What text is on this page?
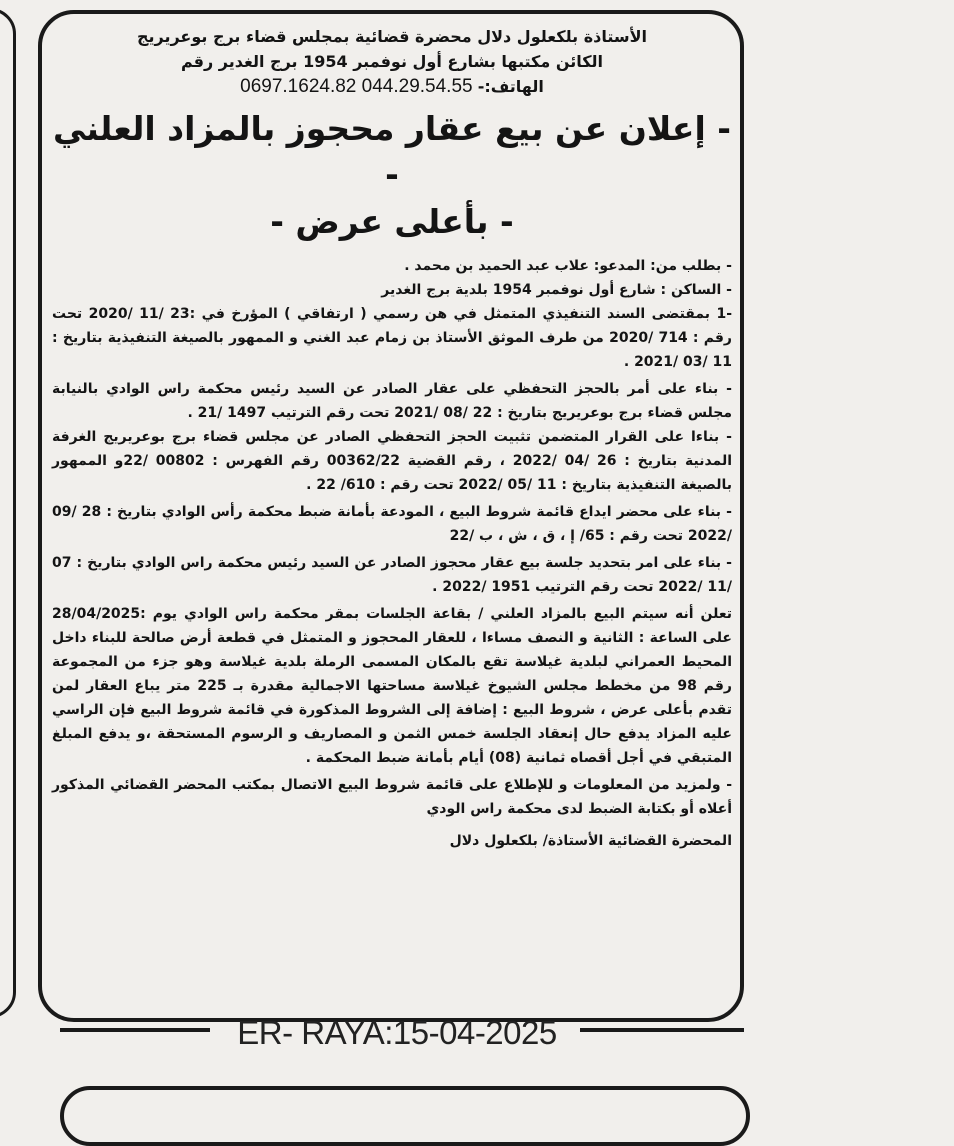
الأستاذة بلكعلول دلال محضرة قضائية بمجلس قضاء برج بوعريريج

الكائن مكتبها بشارع أول نوفمبر 1954 برج الغدير رقم

الهاتف:- 0697.1624.82 044.29.54.55

- إعلان عن بيع عقار محجوز بالمزاد العلني -
- بأعلى عرض -

- بطلب من: المدعو: علاب عبد الحميد بن محمد .

- الساكن : شارع أول نوفمبر 1954 بلدية برج الغدير

-1 بمقتضى السند التنفيذي المتمثل في هن رسمي ( ارتفاقي ) المؤرخ في :23 /11 /2020 تحت رقم : 714 /2020 من طرف الموثق الأستاذ بن زمام عبد الغني و الممهور بالصيغة التنفيذية بتاريخ : 11 /03 /2021 .

- بناء على أمر بالحجز التحفظي على عقار الصادر عن السيد رئيس محكمة راس الوادي بالنيابة مجلس قضاء برج بوعريريج بتاريخ : 22 /08 /2021 تحت رقم الترتيب 1497 /21 .

- بناءا على القرار المتضمن تثبيت الحجز التحفظي الصادر عن مجلس قضاء برج بوعريريج الغرفة المدنية بتاريخ : 26 /04 /2022 ، رقم القضية 00362/22 رقم الفهرس : 00802 /22و الممهور بالصيغة التنفيذية بتاريخ : 11 /05 /2022 تحت رقم : 610/ 22 .

- بناء على محضر ايداع قائمة شروط البيع ، المودعة بأمانة ضبط محكمة رأس الوادي بتاريخ : 28 /09 /2022 تحت رقم : 65/ إ ، ق ، ش ، ب /22

- بناء على امر بتحديد جلسة بيع عقار محجوز الصادر عن السيد رئيس محكمة راس الوادي بتاريخ : 07 /11 /2022 تحت رقم الترتيب 1951 /2022 .

تعلن أنه سيتم البيع بالمزاد العلني / بقاعة الجلسات بمقر محكمة راس الوادي يوم :28/04/2025 على الساعة : الثانية و النصف مساءا ، للعقار المحجوز و المتمثل في قطعة أرض صالحة للبناء داخل المحيط العمراني لبلدية غيلاسة تقع بالمكان المسمى الرملة بلدية غيلاسة وهو جزء من المجموعة رقم 98 من مخطط مجلس الشيوخ غيلاسة مساحتها الاجمالية مقدرة بـ 225 متر يباع العقار لمن تقدم بأعلى عرض ، شروط البيع : إضافة إلى الشروط المذكورة في قائمة شروط البيع فإن الراسي عليه المزاد يدفع حال إنعقاد الجلسة خمس الثمن و المصاريف و الرسوم المستحقة ،و يدفع المبلغ المتبقي في أجل أقصاه ثمانية (08) أيام بأمانة ضبط المحكمة .

- ولمزيد من المعلومات و للإطلاع على قائمة شروط البيع الاتصال بمكتب المحضر القضائي المذكور أعلاه أو بكتابة الضبط لدى محكمة راس الودي

المحضرة القضائية الأستاذة/ بلكعلول دلال

ER- RAYA:15-04-2025
